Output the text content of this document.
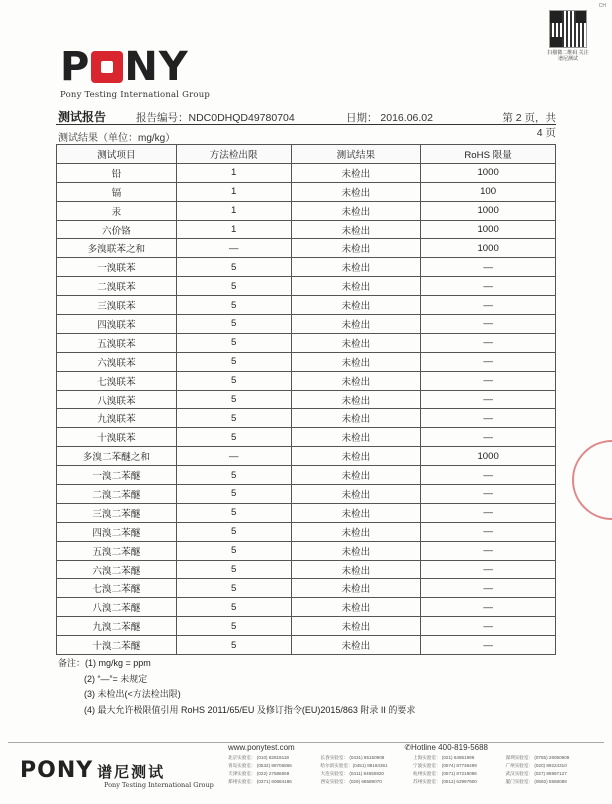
CH
P NY
Pony Testing International Group
扫描微二维码 关注谱尼测试
测试报告	报告编号：NDC0DHQD49780704	日期： 2016.06.02	第 2 页，共 4 页
测试结果（单位：mg/kg）
测试项目	方法检出限	测试结果	RoHS 限量
铅	1	未检出	1000
镉	1	未检出	100
汞	1	未检出	1000
六价铬	1	未检出	1000
多溴联苯之和	—	未检出	1000
一溴联苯	5	未检出	—
二溴联苯	5	未检出	—
三溴联苯	5	未检出	—
四溴联苯	5	未检出	—
五溴联苯	5	未检出	—
六溴联苯	5	未检出	—
七溴联苯	5	未检出	—
八溴联苯	5	未检出	—
九溴联苯	5	未检出	—
十溴联苯	5	未检出	—
多溴二苯醚之和	—	未检出	1000
一溴二苯醚	5	未检出	—
二溴二苯醚	5	未检出	—
三溴二苯醚	5	未检出	—
四溴二苯醚	5	未检出	—
五溴二苯醚	5	未检出	—
六溴二苯醚	5	未检出	—
七溴二苯醚	5	未检出	—
八溴二苯醚	5	未检出	—
九溴二苯醚	5	未检出	—
十溴二苯醚	5	未检出	—
备注：(1) mg/kg = ppm
(2) “—”= 未规定
(3) 未检出(<方法检出限)
(4) 最大允许极限值引用 RoHS 2011/65/EU 及修订指令(EU)2015/863 附录 II 的要求
PONY 谱尼测试
Pony Testing International Group
www.ponytest.com	✆Hotline 400-819-5688
北京实验室： (010) 82819118	长春实验室： (0431) 85150908	上海实验室： (021) 64851999	深圳实验室： (0755) 26050909
青岛实验室： (0532) 88706866	哈尔滨实验室：(0451) 88184361	宁波实验室： (0574) 87736499	广州实验室： (020) 89224310
天津实验室： (022) 27586558	大连实验室： (0411) 84650820	杭州实验室： (0571) 87219096	武汉实验室： (027) 85997127
郑州实验室： (0371) 60684186	西安实验室： (029) 68589070	苏州实验室： (0512) 62997900	厦门实验室： (0592) 5568088
